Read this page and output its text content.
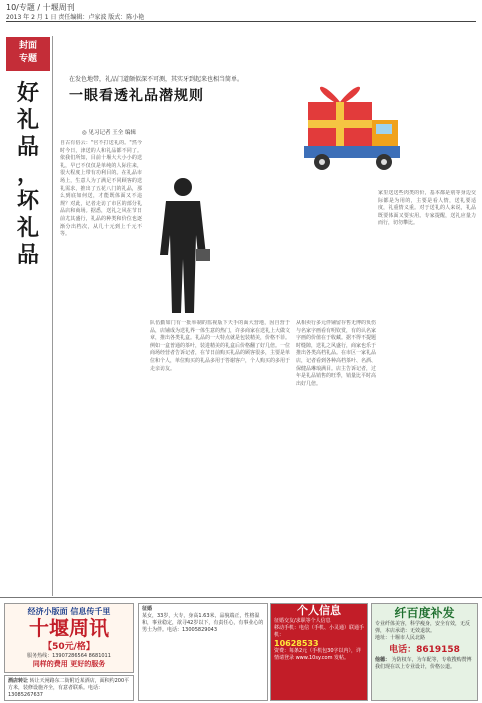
10/专题 / 十堰周刊
2013 年 2 月 1 日 责任编辑：卢家波 版式：陈小艳
封面
专题
好
礼
品
，
坏
礼
品
在发色地带，礼品门道颇似深不可测，其实牙到起来也相当简单。
一眼看透礼品潜规则
◎ 见习记者 王全 编辑
自古有俗云："官不打送礼的。"然今时今日，津送的人和礼品都不同了。依我们所知，目前十堰大大小小的送礼，早已不仅仅是单纯的人际往来，很大程度上带有功利目的。在礼品市场上，生意人为了满足不同顾客的送礼需求，推出了五花八门的礼品，那么到底如何送，才能既体面又不违规？对此，记者走访了市区的部分礼品店和商场。据悉，送礼之风在节日前尤其盛行，礼品的种类和价位也逐渐分出档次，从几十元到上千元不等。
队伍勤如门有一批举制的监视版下天手的面大营地，因自营于品，店铺成为送礼界一体生意的热门，许多商家在送礼上大做文章，推出各类礼盒。礼品的一大特点就是包装精美，价格不菲。例如一盒普通的茶叶，装进精美的礼盒后价格翻了好几倍。一位商场经营者告诉记者，在节日前购买礼品的顾客很多，主要是单位和个人，单位购买的礼品多用于答谢客户，个人购买的多用于走亲访友。
从相卖行多元伴铺留存售无博的负伤与名家字画看有明钦赏，有的认名家字画的价值在于收藏。据不得不提题时缝隙，送礼之风盛行，商家也乐于推出各类高档礼品。在市区一家礼品店，记者看到各种高档茶叶、名酒、保健品琳琅满目。店主告诉记者，过年是礼品销售的旺季，销量比平时高出好几倍。
家里送送些肉类的价，基本都是别等身边交际都是为用的，主要是看人情，送礼要适度，礼重情义重。对于送礼的人来说，礼品既要体面又要实用。专家提醒，送礼应量力而行，切勿攀比。
经济小版面 信息传千里
十堰周讯
【50元/格】
服务热线：13907286564 8681011
同样的费用 更好的服务
酒店转让 转让天闸路东二街附近某酒店，面积约200平方米，装修设施齐全，有意者联系。电话：13085267637
征婚
某女，33岁，大专，身高1.63米，品貌端正，性格温和，事业稳定，欲寻42岁以下，有责任心，有事业心的男士为伴。电话：13005829043
个人信息
征婚交友/求职等个人信息
移动手机：电信（手机、小灵通）联通手机：
10628533
资费：每条2元（手机包30字以内），详情请登录 www.10sy.com 发帖。
纤百度补发
专业纤体美容，科学瘦身，安全有效，无反弹，本店承诺：无效退款。
地址：十堰市人民北路
电话：8619158
他德： 为防权车，为车配等，专收搜购赞博我们现在以上专业设计，价格公道。
